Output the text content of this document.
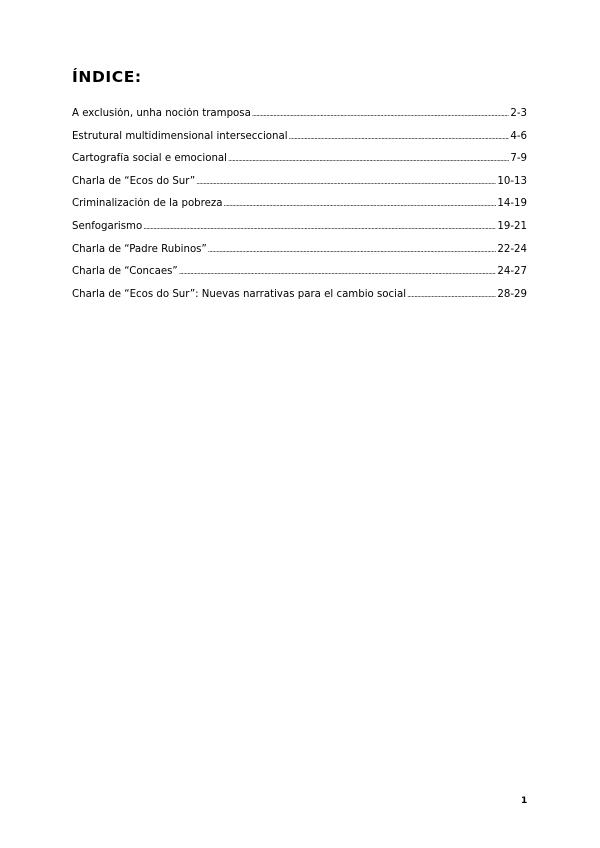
ÍNDICE:
A exclusión, unha noción tramposa .....	2-3
Estrutural multidimensional interseccional .....	4-6
Cartografía social e emocional .....	7-9
Charla de “Ecos do Sur” .....	10-13
Criminalización de la pobreza .....	14-19
Senfogarismo .....	19-21
Charla de “Padre Rubinos” .....	22-24
Charla de “Concaes” .....	24-27
Charla de “Ecos do Sur”: Nuevas narrativas para el cambio social .....	28-29
1
